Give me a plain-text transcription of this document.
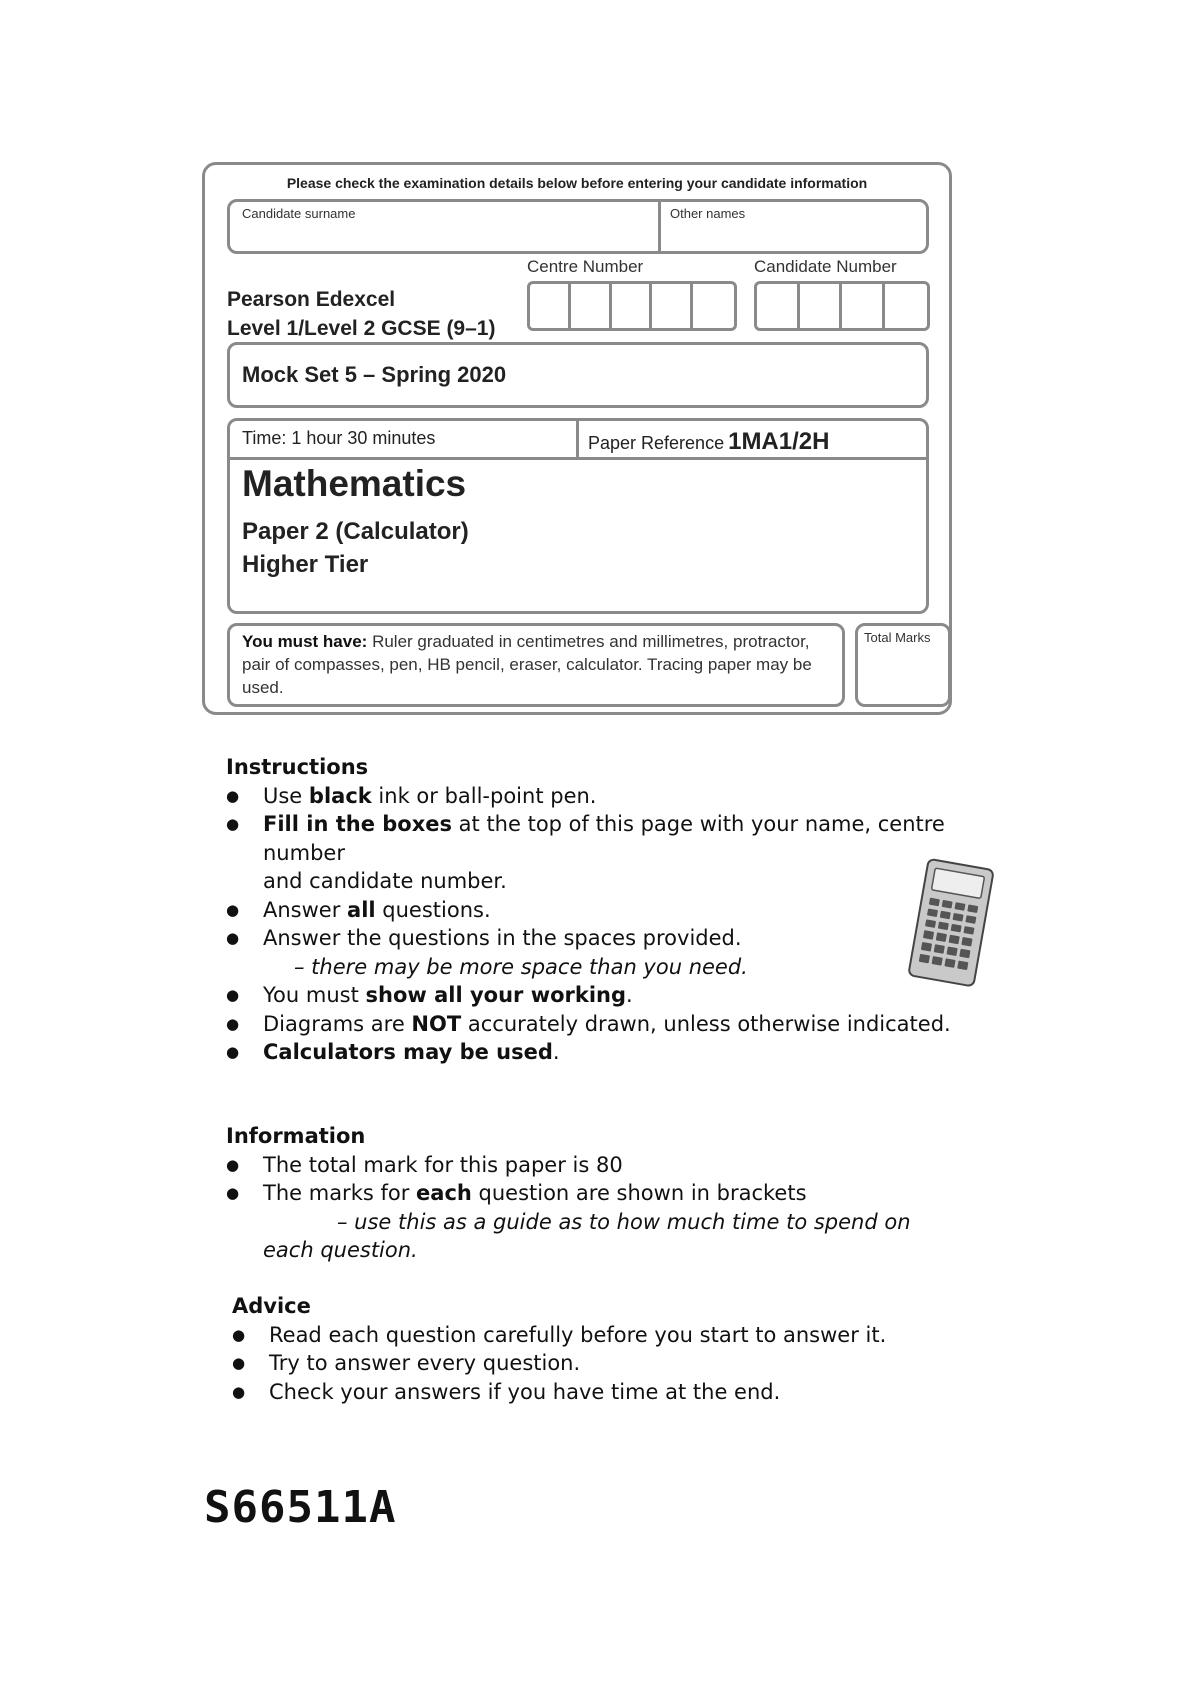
Please check the examination details below before entering your candidate information
Candidate surname	Other names
Centre Number	Candidate Number
Pearson Edexcel
Level 1/Level 2 GCSE (9–1)
Mock Set 5 – Spring 2020
Time: 1 hour 30 minutes	Paper Reference 1MA1/2H
Mathematics
Paper 2 (Calculator)
Higher Tier
You must have: Ruler graduated in centimetres and millimetres, protractor, pair of compasses, pen, HB pencil, eraser, calculator. Tracing paper may be used.
Total Marks
Instructions
● Use black ink or ball-point pen.
● Fill in the boxes at the top of this page with your name, centre number
and candidate number.
● Answer all questions.
● Answer the questions in the spaces provided.
– there may be more space than you need.
● You must show all your working.
● Diagrams are NOT accurately drawn, unless otherwise indicated.
● Calculators may be used.
Information
● The total mark for this paper is 80
● The marks for each question are shown in brackets
– use this as a guide as to how much time to spend on each question.
Advice
● Read each question carefully before you start to answer it.
● Try to answer every question.
● Check your answers if you have time at the end.
S66511A
